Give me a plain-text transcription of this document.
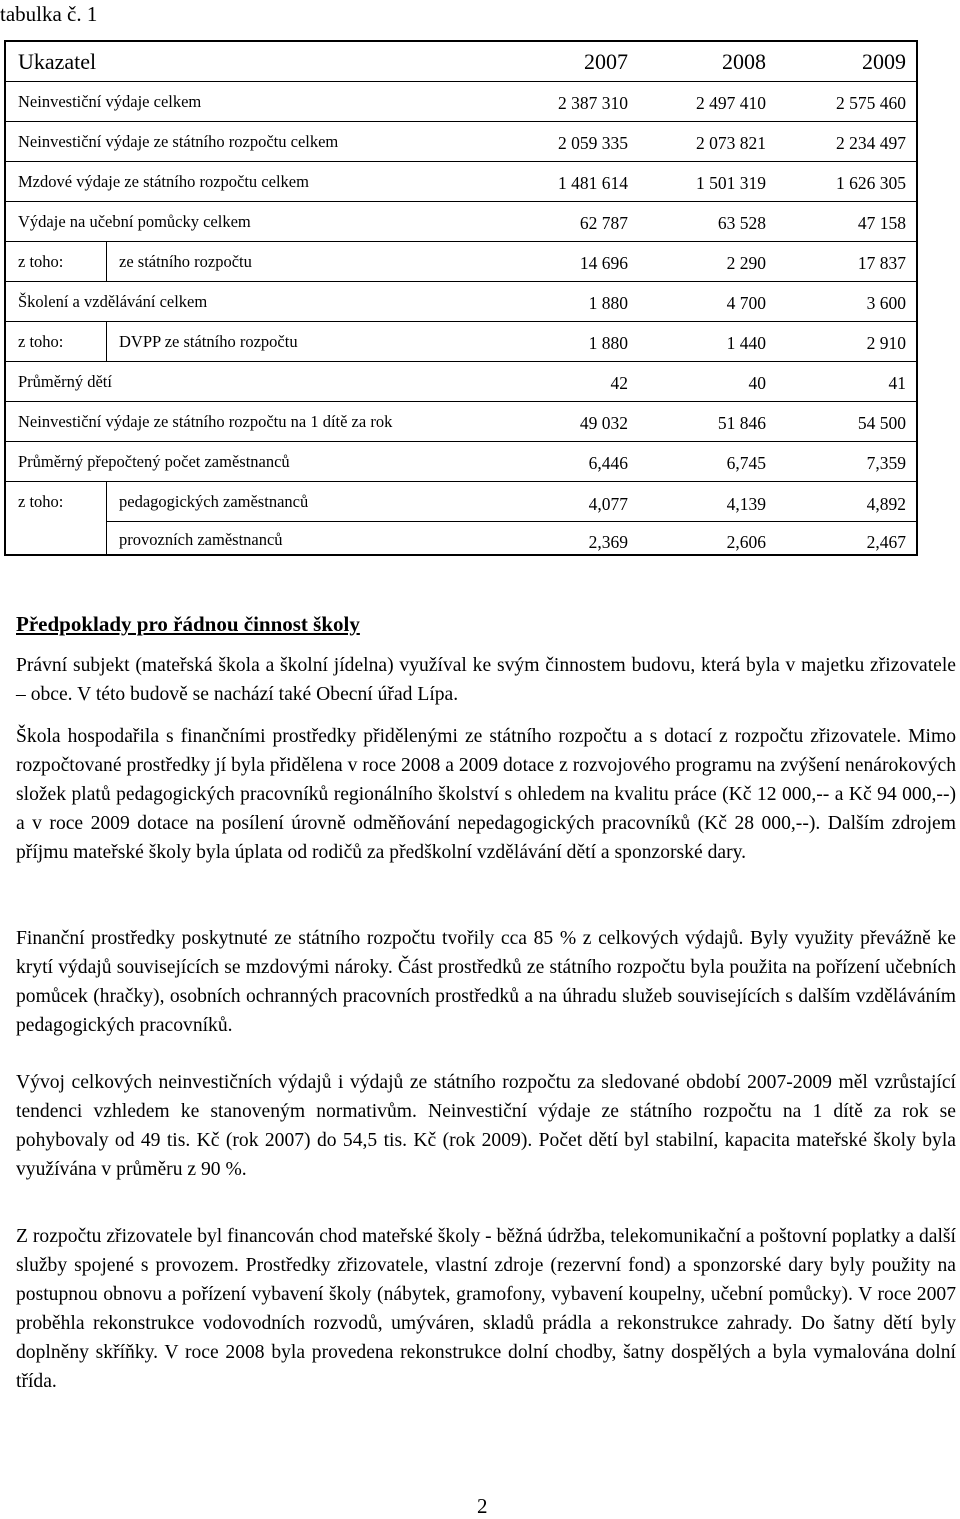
tabulka č. 1
Ukazatel	2007	2008	2009
Neinvestiční výdaje celkem	2 387 310	2 497 410	2 575 460
Neinvestiční výdaje ze státního rozpočtu celkem	2 059 335	2 073 821	2 234 497
Mzdové výdaje ze státního rozpočtu celkem	1 481 614	1 501 319	1 626 305
Výdaje na učební pomůcky celkem	62 787	63 528	47 158
z toho:	ze státního rozpočtu	14 696	2 290	17 837
Školení a vzdělávání celkem	1 880	4 700	3 600
z toho:	DVPP ze státního rozpočtu	1 880	1 440	2 910
Průměrný dětí	42	40	41
Neinvestiční výdaje ze státního rozpočtu na 1 dítě za rok	49 032	51 846	54 500
Průměrný přepočtený počet zaměstnanců	6,446	6,745	7,359
z toho:	pedagogických zaměstnanců	4,077	4,139	4,892
provozních zaměstnanců	2,369	2,606	2,467
Předpoklady pro řádnou činnost školy

Právní subjekt (mateřská škola a školní jídelna) využíval ke svým činnostem budovu, která byla v majetku zřizovatele – obce. V této budově se nachází také Obecní úřad Lípa.

Škola hospodařila s finančními prostředky přidělenými ze státního rozpočtu a s dotací z rozpočtu zřizovatele. Mimo rozpočtované prostředky jí byla přidělena v roce 2008 a 2009 dotace z rozvojového programu na zvýšení nenárokových složek platů pedagogických pracovníků regionálního školství s ohledem na kvalitu práce (Kč 12 000,-- a Kč 94 000,--) a v roce 2009 dotace na posílení úrovně odměňování nepedagogických pracovníků (Kč 28 000,--). Dalším zdrojem příjmu mateřské školy byla úplata od rodičů za předškolní vzdělávání dětí a sponzorské dary.

Finanční prostředky poskytnuté ze státního rozpočtu tvořily cca 85 % z celkových výdajů. Byly využity převážně ke krytí výdajů souvisejících se mzdovými nároky. Část prostředků ze státního rozpočtu byla použita na pořízení učebních pomůcek (hračky), osobních ochranných pracovních prostředků a na úhradu služeb souvisejících s dalším vzděláváním pedagogických pracovníků.

Vývoj celkových neinvestičních výdajů i výdajů ze státního rozpočtu za sledované období 2007-2009 měl vzrůstající tendenci vzhledem ke stanoveným normativům. Neinvestiční výdaje ze státního rozpočtu na 1 dítě za rok se pohybovaly od 49 tis. Kč (rok 2007) do 54,5 tis. Kč (rok 2009). Počet dětí byl stabilní, kapacita mateřské školy byla využívána v průměru z 90 %.

Z rozpočtu zřizovatele byl financován chod mateřské školy - běžná údržba, telekomunikační a poštovní poplatky a další služby spojené s provozem. Prostředky zřizovatele, vlastní zdroje (rezervní fond) a sponzorské dary byly použity na postupnou obnovu a pořízení vybavení školy (nábytek, gramofony, vybavení koupelny, učební pomůcky). V roce 2007 proběhla rekonstrukce vodovodních rozvodů, umýváren, skladů prádla a rekonstrukce zahrady. Do šatny dětí byly doplněny skříňky. V roce 2008 byla provedena rekonstrukce dolní chodby, šatny dospělých a byla vymalována dolní třída.

2
